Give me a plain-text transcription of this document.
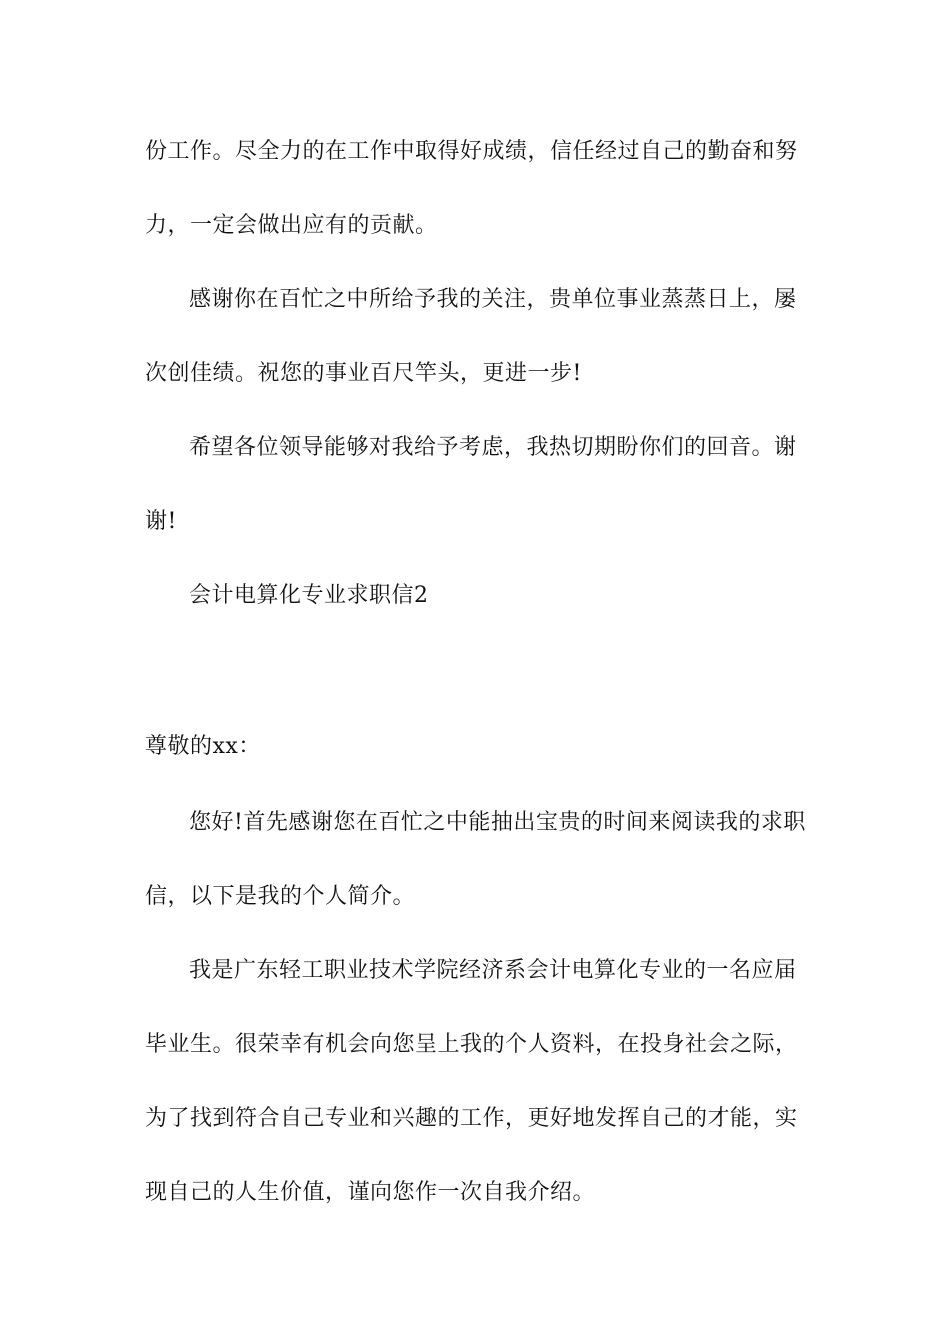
份工作。尽全力的在工作中取得好成绩，信任经过自己的勤奋和努

力，一定会做出应有的贡献。

感谢你在百忙之中所给予我的关注，贵单位事业蒸蒸日上，屡

次创佳绩。祝您的事业百尺竿头，更进一步!

希望各位领导能够对我给予考虑，我热切期盼你们的回音。谢

谢!

会计电算化专业求职信2

尊敬的xx：

您好!首先感谢您在百忙之中能抽出宝贵的时间来阅读我的求职

信，以下是我的个人简介。

我是广东轻工职业技术学院经济系会计电算化专业的一名应届

毕业生。很荣幸有机会向您呈上我的个人资料，在投身社会之际，

为了找到符合自己专业和兴趣的工作，更好地发挥自己的才能，实

现自己的人生价值，谨向您作一次自我介绍。
